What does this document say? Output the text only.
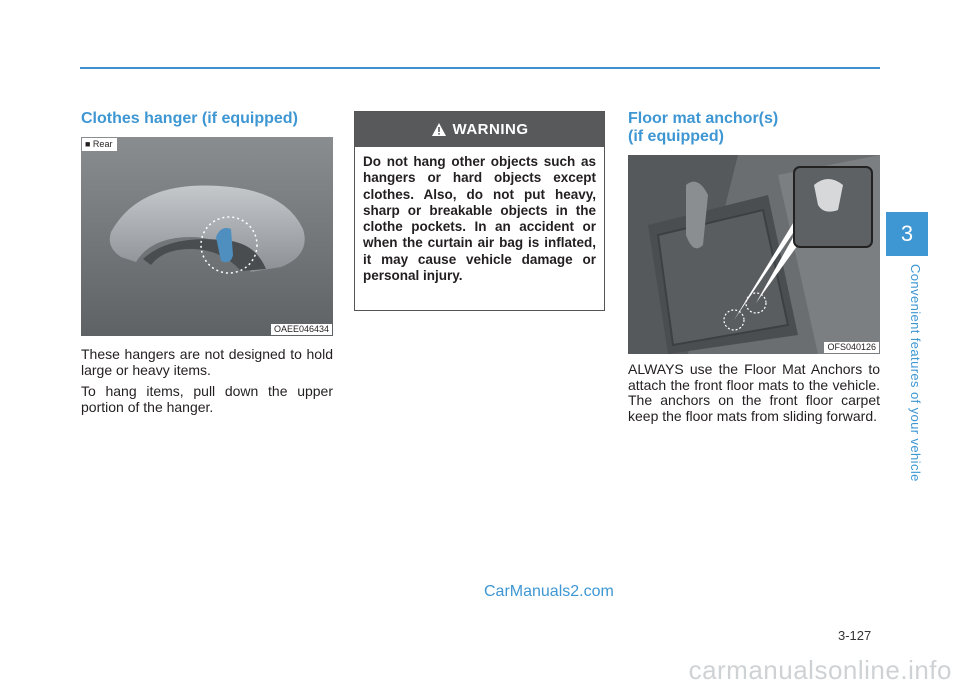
Clothes hanger (if equipped)
■ Rear
OAEE046434

These hangers are not designed to hold large or heavy items.

To hang items, pull down the upper portion of the hanger.

WARNING
Do not hang other objects such as hangers or hard objects except clothes. Also, do not put heavy, sharp or breakable objects in the clothe pockets. In an accident or when the curtain air bag is inflated, it may cause vehicle damage or personal injury.
Floor mat anchor(s)
(if equipped)
OFS040126
ALWAYS use the Floor Mat Anchors to attach the front floor mats to the vehicle. The anchors on the front floor carpet keep the floor mats from sliding forward.
3
Convenient features of your vehicle
3-127
CarManuals2.com
carmanualsonline.info
